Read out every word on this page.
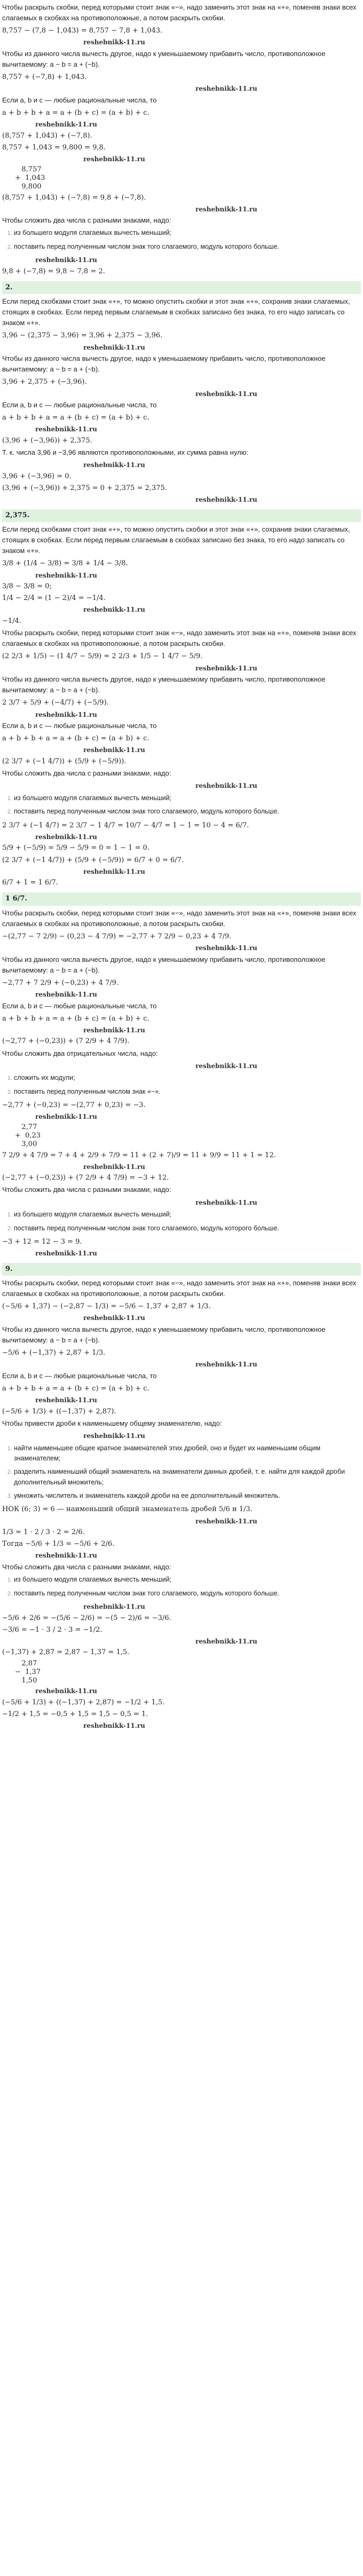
Чтобы раскрыть скобки, перед которыми стоит знак «−», надо заменить этот знак на «+», поменяв знаки всех слагаемых в скобках на противоположные, а потом раскрыть скобки.

8,757 − (7,8 − 1,043) = 8,757 − 7,8 + 1,043.
reshebnikk-11.ru

Чтобы из данного числа вычесть другое, надо к уменьшаемому прибавить число, противоположное вычитаемому: a − b = a + (−b).

8,757 + (−7,8) + 1,043.
reshebnikk-11.ru

Если a, b и c — любые рациональные числа, то

a + b + b + a = a + (b + c) = (a + b) + c.
reshebnikk-11.ru
(8,757 + 1,043) + (−7,8).
8,757 + 1,043 = 9,800 = 9,8.
reshebnikk-11.ru
8,757
+  1,043
9,800
(8,757 + 1,043) + (−7,8) = 9,8 + (−7,8).
reshebnikk-11.ru

Чтобы сложить два числа с разными знаками, надо:

1. из большего модуля слагаемых вычесть меньший;
2. поставить перед полученным числом знак того слагаемого, модуль которого больше.
reshebnikk-11.ru
9,8 + (−7,8) = 9,8 − 7,8 = 2.
2.

Если перед скобками стоит знак «+», то можно опустить скобки и этот знак «+», сохранив знаки слагаемых, стоящих в скобках. Если перед первым слагаемым в скобках записано без знака, то его надо записать со знаком «+».

3,96 − (2,375 − 3,96) = 3,96 + 2,375 − 3,96.
reshebnikk-11.ru

Чтобы из данного числа вычесть другое, надо к уменьшаемому прибавить число, противоположное вычитаемому: a − b = a + (−b).

3,96 + 2,375 + (−3,96).
reshebnikk-11.ru

Если a, b и c — любые рациональные числа, то

a + b + b + a = a + (b + c) = (a + b) + c.
reshebnikk-11.ru
(3,96 + (−3,96)) + 2,375.

Т. к. числа 3,96 и −3,96 являются противоположными, их сумма равна нулю:

reshebnikk-11.ru
3,96 + (−3,96) = 0.
(3,96 + (−3,96)) + 2,375 = 0 + 2,375 = 2,375.
reshebnikk-11.ru
2,375.

Если перед скобками стоит знак «+», то можно опустить скобки и этот знак «+», сохранив знаки слагаемых, стоящих в скобках. Если перед первым слагаемым в скобках записано без знака, то его надо записать со знаком «+».

3/8 + (1/4 − 3/8) = 3/8 + 1/4 − 3/8.
reshebnikk-11.ru
3/8 − 3/8 = 0;
1/4 − 2/4 = (1 − 2)/4 = −1/4.
reshebnikk-11.ru
−1/4.

Чтобы раскрыть скобки, перед которыми стоит знак «−», надо заменить этот знак на «+», поменяв знаки всех слагаемых в скобках на противоположные, а потом раскрыть скобки.

(2 2/3 + 1/5) − (1 4/7 − 5/9) = 2 2/3 + 1/5 − 1 4/7 − 5/9.
reshebnikk-11.ru

Чтобы из данного числа вычесть другое, надо к уменьшаемому прибавить число, противоположное вычитаемому: a − b = a + (−b).

2 3/7 + 5/9 + (−4/7) + (−5/9).
reshebnikk-11.ru

Если a, b и c — любые рациональные числа, то

a + b + b + a = a + (b + c) = (a + b) + c.
reshebnikk-11.ru
(2 3/7 + (−1 4/7)) + (5/9 + (−5/9)).

Чтобы сложить два числа с разными знаками, надо:

reshebnikk-11.ru
1. из большего модуля слагаемых вычесть меньший;
2. поставить перед полученным числом знак того слагаемого, модуль которого больше.
2 3/7 + (−1 4/7) = 2 3/7 − 1 4/7 = 10/7 − 4/7 = 1 − 1 = 10 − 4 = 6/7.
reshebnikk-11.ru
5/9 + (−5/9) = 5/9 − 5/9 = 0 = 1 − 1 = 0.
(2 3/7 + (−1 4/7)) + (5/9 + (−5/9)) = 6/7 + 0 = 6/7.
reshebnikk-11.ru
6/7 + 1 = 1 6/7.
1 6/7.

Чтобы раскрыть скобки, перед которыми стоит знак «−», надо заменить этот знак на «+», поменяв знаки всех слагаемых в скобках на противоположные, а потом раскрыть скобки.

−(2,77 − 7 2/9) − (0,23 − 4 7/9) = −2,77 + 7 2/9 − 0,23 + 4 7/9.
reshebnikk-11.ru

Чтобы из данного числа вычесть другое, надо к уменьшаемому прибавить число, противоположное вычитаемому: a − b = a + (−b).

−2,77 + 7 2/9 + (−0,23) + 4 7/9.
reshebnikk-11.ru

Если a, b и c — любые рациональные числа, то

a + b + b + a = a + (b + c) = (a + b) + c.
reshebnikk-11.ru
(−2,77 + (−0,23)) + (7 2/9 + 4 7/9).

Чтобы сложить два отрицательных числа, надо:

reshebnikk-11.ru
1. сложить их модули;
2. поставить перед полученным числом знак «−».
−2,77 + (−0,23) = −(2,77 + 0,23) = −3.
reshebnikk-11.ru
2,77
+  0,23
3,00
7 2/9 + 4 7/9 = 7 + 4 + 2/9 + 7/9 = 11 + (2 + 7)/9 = 11 + 9/9 = 11 + 1 = 12.
reshebnikk-11.ru
(−2,77 + (−0,23)) + (7 2/9 + 4 7/9) = −3 + 12.

Чтобы сложить два числа с разными знаками, надо:

reshebnikk-11.ru
1. из большего модуля слагаемых вычесть меньший;
2. поставить перед полученным числом знак того слагаемого, модуль которого больше.
−3 + 12 = 12 − 3 = 9.
reshebnikk-11.ru
9.

Чтобы раскрыть скобки, перед которыми стоит знак «−», надо заменить этот знак на «+», поменяв знаки всех слагаемых в скобках на противоположные, а потом раскрыть скобки.

(−5/6 + 1,37) − (−2,87 − 1/3) = −5/6 − 1,37 + 2,87 + 1/3.
reshebnikk-11.ru

Чтобы из данного числа вычесть другое, надо к уменьшаемому прибавить число, противоположное вычитаемому: a − b = a + (−b).

−5/6 + (−1,37) + 2,87 + 1/3.
reshebnikk-11.ru

Если a, b и c — любые рациональные числа, то

a + b + b + a = a + (b + c) = (a + b) + c.
reshebnikk-11.ru
(−5/6 + 1/3) + ((−1,37) + 2,87).

Чтобы привести дроби к наименьшему общему знаменателю, надо:

reshebnikk-11.ru
1. найти наименьшее общее кратное знаменателей этих дробей, оно и будет их наименьшим общим знаменателем;
2. разделить наименьший общий знаменатель на знаменатели данных дробей, т. е. найти для каждой дроби дополнительный множитель;
3. умножить числитель и знаменатель каждой дроби на ее дополнительный множитель.
НОК (6; 3) = 6 — наименьший общий знаменатель дробей 5/6 и 1/3.
reshebnikk-11.ru
1/3 = 1 · 2 / 3 · 2 = 2/6.
Тогда −5/6 + 1/3 = −5/6 + 2/6.
reshebnikk-11.ru

Чтобы сложить два числа с разными знаками, надо:

1. из большего модуля слагаемых вычесть меньший;
2. поставить перед полученным числом знак того слагаемого, модуль которого больше.
reshebnikk-11.ru
−5/6 + 2/6 = −(5/6 − 2/6) = −(5 − 2)/6 = −3/6.
−3/6 = −1 · 3 / 2 · 3 = −1/2.
reshebnikk-11.ru
(−1,37) + 2,87 = 2,87 − 1,37 = 1,5.
2,87
−  1,37
1,50
reshebnikk-11.ru
(−5/6 + 1/3) + ((−1,37) + 2,87) = −1/2 + 1,5.
−1/2 + 1,5 = −0,5 + 1,5 = 1,5 − 0,5 = 1.
reshebnikk-11.ru
